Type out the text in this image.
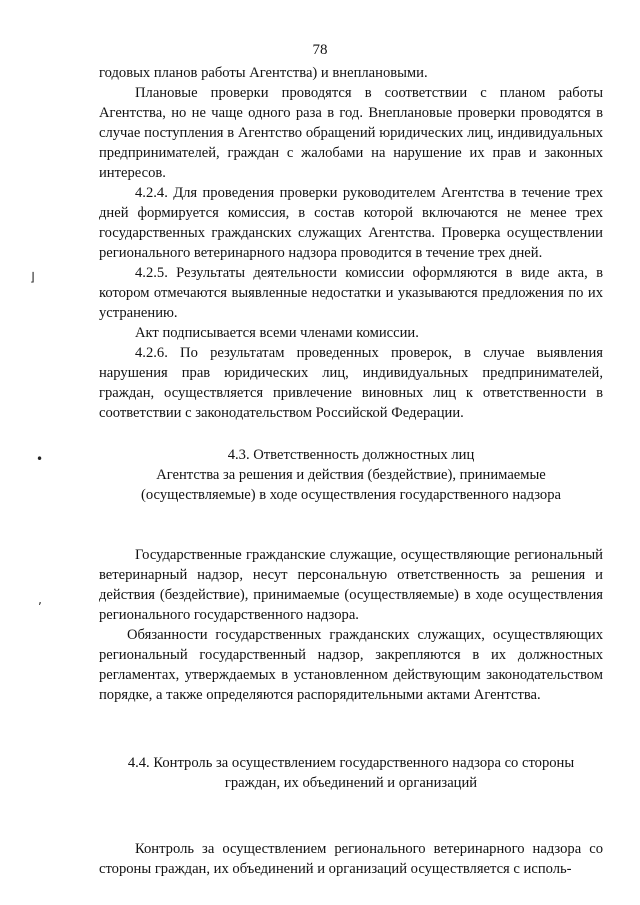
78
⌋
•
ʼ

годовых планов работы Агентства) и внеплановыми.

Плановые проверки проводятся в соответствии с планом работы Агентства, но не чаще одного раза в год. Внеплановые проверки проводятся в случае поступления в Агентство обращений юридических лиц, индивидуальных предпринимателей, граждан с жалобами на нарушение их прав и законных интересов.

4.2.4. Для проведения проверки руководителем Агентства в течение трех дней формируется комиссия, в состав которой включаются не менее трех государственных гражданских служащих Агентства. Проверка осуществлении регионального ветеринарного надзора проводится в течение трех дней.

4.2.5. Результаты деятельности комиссии оформляются в виде акта, в котором отмечаются выявленные недостатки и указываются предложения по их устранению.

Акт подписывается всеми членами комиссии.

4.2.6. По результатам проведенных проверок, в случае выявления нарушения прав юридических лиц, индивидуальных предпринимателей, граждан, осуществляется привлечение виновных лиц к ответственности в соответствии с законодательством Российской Федерации.

4.3. Ответственность должностных лиц

Агентства за решения и действия (бездействие), принимаемые (осуществляемые) в ходе осуществления государственного надзора

Государственные гражданские служащие, осуществляющие региональный ветеринарный надзор, несут персональную ответственность за решения и действия (бездействие), принимаемые (осуществляемые) в ходе осуществления регионального государственного надзора.

Обязанности государственных гражданских служащих, осуществляющих региональный государственный надзор, закрепляются в их должностных регламентах, утверждаемых в установленном действующим законодательством порядке, а также определяются распорядительными актами Агентства.

4.4. Контроль за осуществлением государственного надзора со стороны граждан, их объединений и организаций

Контроль за осуществлением регионального ветеринарного надзора со стороны граждан, их объединений и организаций осуществляется с исполь-
